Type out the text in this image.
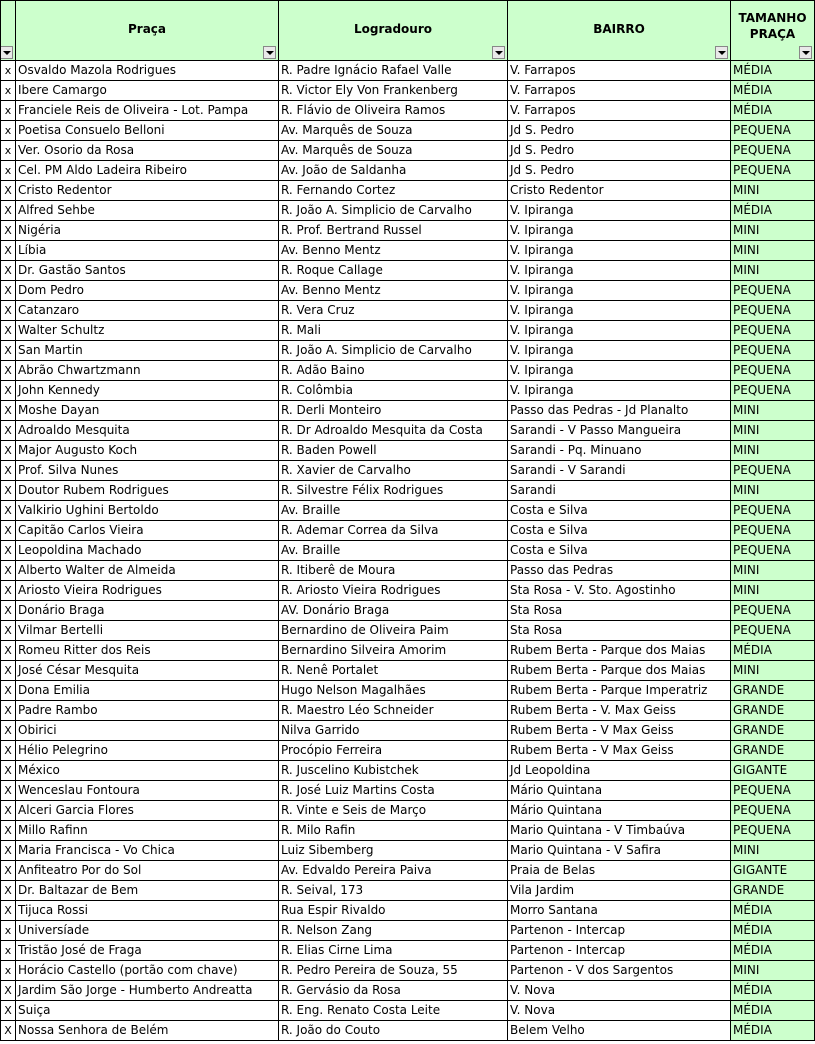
	Praça	Logradouro	BAIRRO	TAMANHO PRAÇA

x	Osvaldo Mazola Rodrigues	R. Padre Ignácio Rafael Valle	V. Farrapos	MÉDIA
x	Ibere Camargo	R. Victor Ely Von Frankenberg	V. Farrapos	MÉDIA
x	Franciele Reis de Oliveira - Lot. Pampa	R. Flávio de Oliveira Ramos	V. Farrapos	MÉDIA
x	Poetisa Consuelo Belloni	Av. Marquês de Souza	Jd S. Pedro	PEQUENA
x	Ver. Osorio da Rosa	Av. Marquês de Souza	Jd S. Pedro	PEQUENA
x	Cel. PM Aldo Ladeira Ribeiro	Av. João de Saldanha	Jd S. Pedro	PEQUENA
X	Cristo Redentor	R. Fernando Cortez	Cristo Redentor	MINI
X	Alfred Sehbe	R. João A. Simplicio de Carvalho	V. Ipiranga	MÉDIA
X	Nigéria	R. Prof. Bertrand Russel	V. Ipiranga	MINI
X	Líbia	Av. Benno Mentz	V. Ipiranga	MINI
X	Dr. Gastão Santos	R. Roque Callage	V. Ipiranga	MINI
X	Dom Pedro	Av. Benno Mentz	V. Ipiranga	PEQUENA
X	Catanzaro	R. Vera Cruz	V. Ipiranga	PEQUENA
X	Walter Schultz	R. Mali	V. Ipiranga	PEQUENA
X	San Martin	R. João A. Simplicio de Carvalho	V. Ipiranga	PEQUENA
X	Abrão Chwartzmann	R. Adão Baino	V. Ipiranga	PEQUENA
X	John Kennedy	R. Colômbia	V. Ipiranga	PEQUENA
X	Moshe Dayan	R. Derli Monteiro	Passo das Pedras - Jd Planalto	MINI
X	Adroaldo Mesquita	R. Dr Adroaldo Mesquita da Costa	Sarandi - V Passo Mangueira	MINI
X	Major Augusto Koch	R. Baden Powell	Sarandi - Pq. Minuano	MINI
X	Prof. Silva Nunes	R. Xavier de Carvalho	Sarandi - V Sarandi	PEQUENA
X	Doutor Rubem Rodrigues	R. Silvestre Félix Rodrigues	Sarandi	MINI
X	Valkirio Ughini Bertoldo	Av. Braille	Costa e Silva	PEQUENA
X	Capitão Carlos Vieira	R. Ademar Correa da Silva	Costa e Silva	PEQUENA
X	Leopoldina Machado	Av. Braille	Costa e Silva	PEQUENA
X	Alberto Walter de Almeida	R. Itiberê de Moura	Passo das Pedras	MINI
X	Ariosto Vieira Rodrigues	R. Ariosto Vieira Rodrigues	Sta Rosa - V. Sto. Agostinho	MINI
X	Donário Braga	AV. Donário Braga	Sta Rosa	PEQUENA
X	Vilmar Bertelli	Bernardino de Oliveira Paim	Sta Rosa	PEQUENA
X	Romeu Ritter dos Reis	Bernardino Silveira Amorim	Rubem Berta - Parque dos Maias	MÉDIA
X	José César Mesquita	R. Nenê Portalet	Rubem Berta - Parque dos Maias	MINI
X	Dona Emilia	Hugo Nelson Magalhães	Rubem Berta - Parque Imperatriz	GRANDE
X	Padre Rambo	R. Maestro Léo Schneider	Rubem Berta - V. Max Geiss	GRANDE
X	Obirici	Nilva Garrido	Rubem Berta - V Max Geiss	GRANDE
X	Hélio Pelegrino	Procópio Ferreira	Rubem Berta - V Max Geiss	GRANDE
X	México	R. Juscelino Kubistchek	Jd Leopoldina	GIGANTE
X	Wenceslau Fontoura	R. José Luiz Martins Costa	Mário Quintana	PEQUENA
X	Alceri Garcia Flores	R. Vinte e Seis de Março	Mário Quintana	PEQUENA
X	Millo Rafinn	R. Milo Rafin	Mario Quintana - V Timbaúva	PEQUENA
X	Maria Francisca - Vo Chica	Luiz Sibemberg	Mario Quintana - V Safira	MINI
X	Anfiteatro Por do Sol	Av. Edvaldo Pereira Paiva	Praia de Belas	GIGANTE
X	Dr. Baltazar de Bem	R. Seival, 173	Vila Jardim	GRANDE
X	Tijuca Rossi	Rua Espir Rivaldo	Morro Santana	MÉDIA
x	Universíade	R. Nelson Zang	Partenon - Intercap	MÉDIA
x	Tristão José de Fraga	R. Elias Cirne Lima	Partenon - Intercap	MÉDIA
x	Horácio Castello (portão com chave)	R. Pedro Pereira de Souza, 55	Partenon - V dos Sargentos	MINI
X	Jardim São Jorge - Humberto Andreatta	R. Gervásio da Rosa	V. Nova	MÉDIA
X	Suiça	R. Eng. Renato Costa Leite	V. Nova	MÉDIA
X	Nossa Senhora de Belém	R. João do Couto	Belem Velho	MÉDIA
